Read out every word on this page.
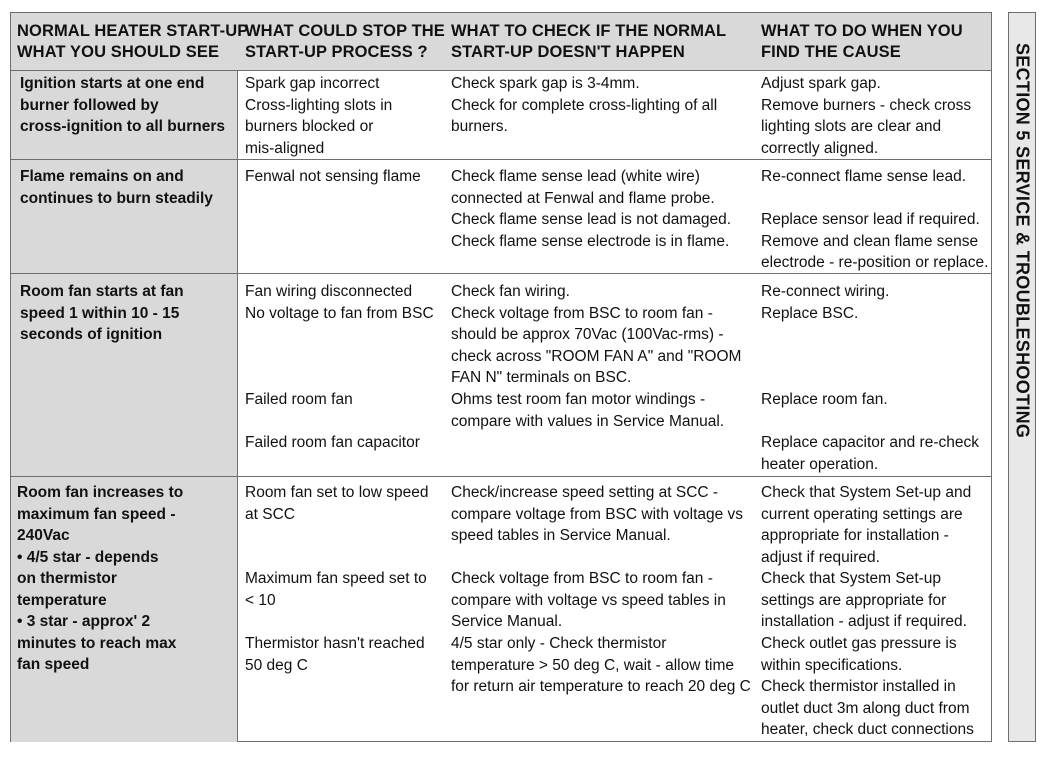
NORMAL HEATER START-UP
WHAT YOU SHOULD SEE
WHAT COULD STOP THE
START-UP PROCESS ?
WHAT TO CHECK IF THE NORMAL
START-UP DOESN'T HAPPEN
WHAT TO DO WHEN YOU
FIND THE CAUSE
Ignition starts at one end
burner followed by
cross-ignition to all burners
Spark gap incorrect
Cross-lighting slots in
burners blocked or
mis-aligned
Check spark gap is 3-4mm.
Check for complete cross-lighting of all
burners.
Adjust spark gap.
Remove burners - check cross
lighting slots are clear and
correctly aligned.
Flame remains on and
continues to burn steadily
Fenwal not sensing flame Check flame sense lead (white wire)
connected at Fenwal and flame probe.
Check flame sense lead is not damaged.
Check flame sense electrode is in flame.
Re-connect flame sense lead.

Replace sensor lead if required.
Remove and clean flame sense
electrode - re-position or replace.
Room fan starts at fan
speed 1 within 10 - 15
seconds of ignition
Fan wiring disconnected
No voltage to fan from BSC
Check fan wiring.
Check voltage from BSC to room fan -
should be approx 70Vac (100Vac-rms) -
check across "ROOM FAN A" and "ROOM
FAN N" terminals on BSC.
Re-connect wiring.
Replace BSC.
Failed room fan	Ohms test room fan motor windings -
compare with values in Service Manual.
Replace room fan.
Failed room fan capacitor	Replace capacitor and re-check
heater operation.
Room fan increases to
maximum fan speed -
240Vac
• 4/5 star - depends
on thermistor
temperature
• 3 star - approx' 2
minutes to reach max
fan speed
Room fan set to low speed
at SCC
Check/increase speed setting at SCC -
compare voltage from BSC with voltage vs
speed tables in Service Manual.
Check that System Set-up and
current operating settings are
appropriate for installation -
adjust if required.
Maximum fan speed set to
< 10
Check voltage from BSC to room fan -
compare with voltage vs speed tables in
Service Manual.
Check that System Set-up
settings are appropriate for
installation - adjust if required.
Thermistor hasn't reached
50 deg C
4/5 star only - Check thermistor
temperature > 50 deg C, wait - allow time
for return air temperature to reach 20 deg C
Check outlet gas pressure is
within specifications.
Check thermistor installed in
outlet duct 3m along duct from
heater, check duct connections
SECTION 5 SERVICE & TROUBLESHOOTING
